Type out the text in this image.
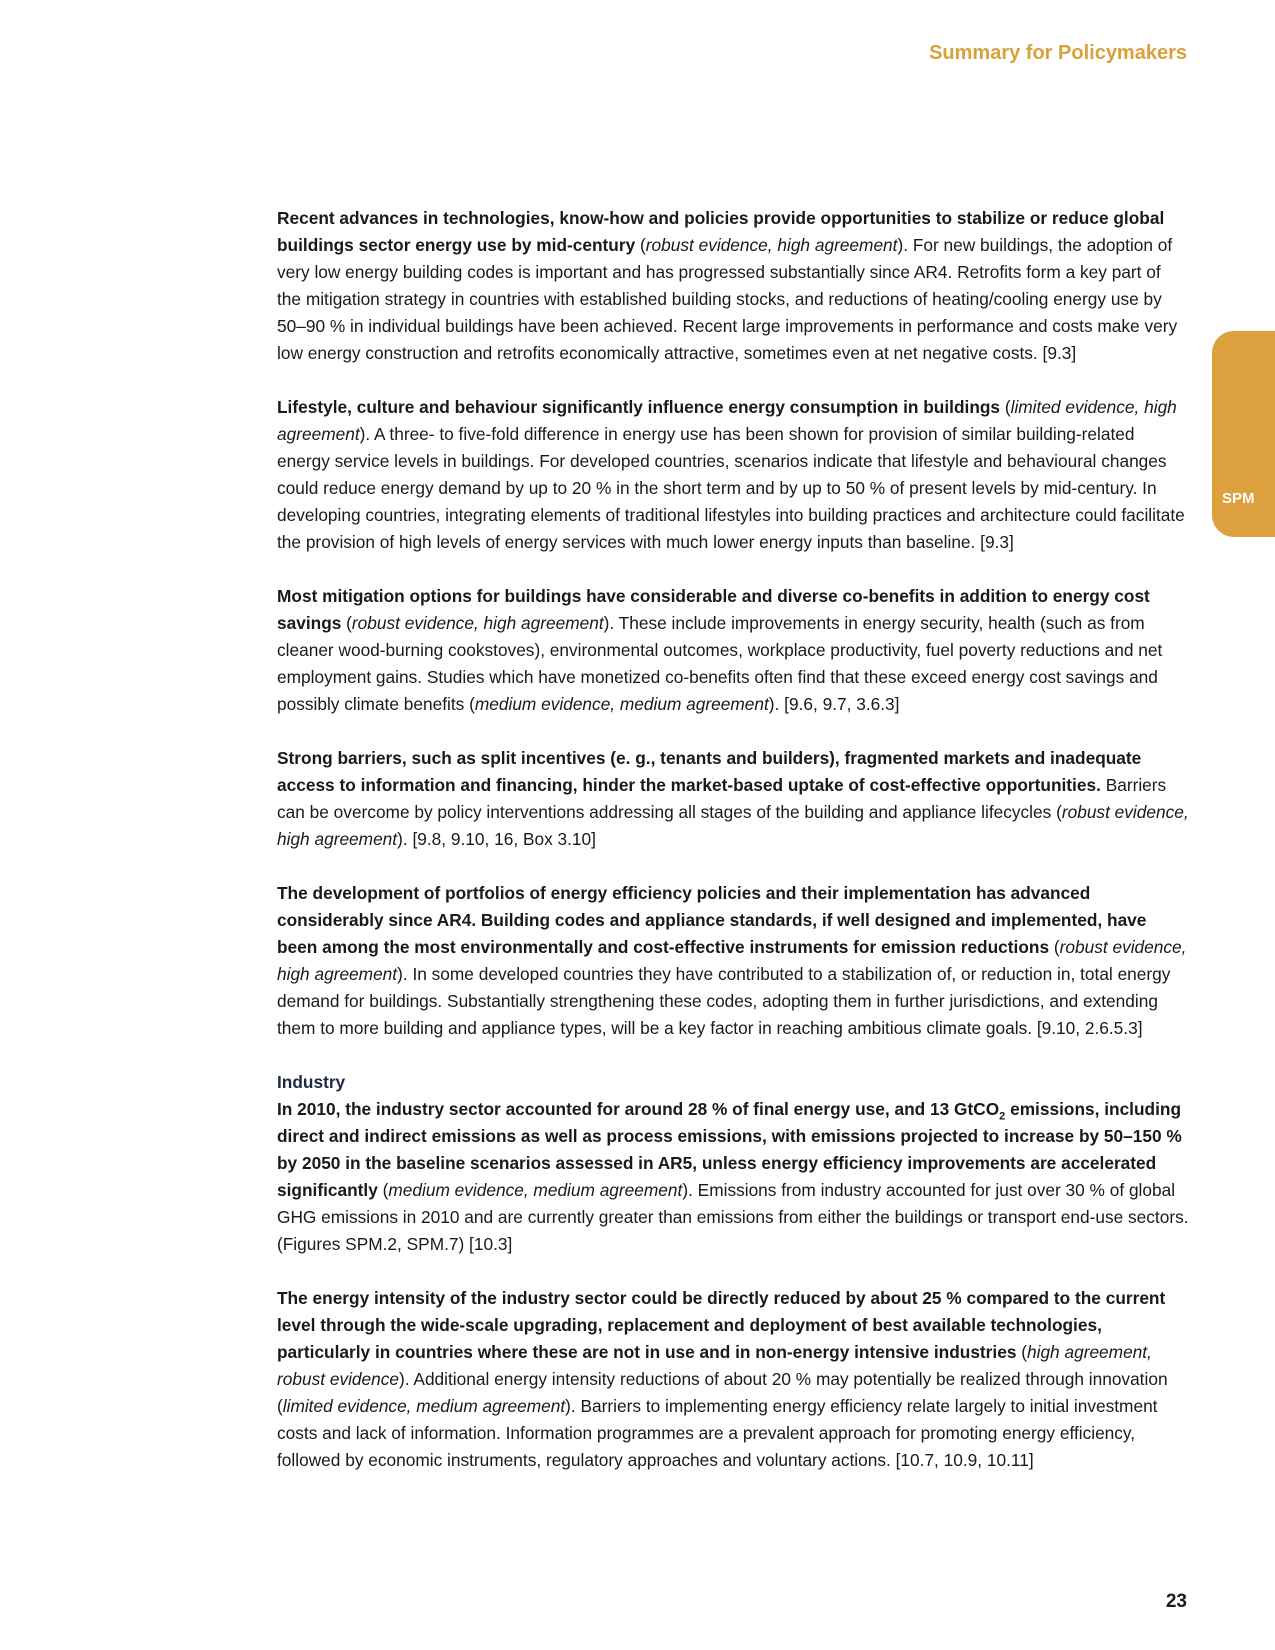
Summary for Policymakers
SPM

Recent advances in technologies, know-how and policies provide opportunities to stabilize or reduce global buildings sector energy use by mid-century (robust evidence, high agreement). For new buildings, the adoption of very low energy building codes is important and has progressed substantially since AR4. Retrofits form a key part of the mitigation strategy in countries with established building stocks, and reductions of heating/cooling energy use by 50–90 % in individual buildings have been achieved. Recent large improvements in performance and costs make very low energy construction and retrofits economically attractive, sometimes even at net negative costs. [9.3]

Lifestyle, culture and behaviour significantly influence energy consumption in buildings (limited evidence, high agreement). A three- to five-fold difference in energy use has been shown for provision of similar building-related energy service levels in buildings. For developed countries, scenarios indicate that lifestyle and behavioural changes could reduce energy demand by up to 20 % in the short term and by up to 50 % of present levels by mid-century. In developing countries, integrating elements of traditional lifestyles into building practices and architecture could facilitate the provision of high levels of energy services with much lower energy inputs than baseline. [9.3]

Most mitigation options for buildings have considerable and diverse co-benefits in addition to energy cost savings (robust evidence, high agreement). These include improvements in energy security, health (such as from cleaner wood-burning cookstoves), environmental outcomes, workplace productivity, fuel poverty reductions and net employment gains. Studies which have monetized co-benefits often find that these exceed energy cost savings and possibly climate benefits (medium evidence, medium agreement). [9.6, 9.7, 3.6.3]

Strong barriers, such as split incentives (e. g., tenants and builders), fragmented markets and inadequate access to information and financing, hinder the market-based uptake of cost-effective opportunities. Barriers can be overcome by policy interventions addressing all stages of the building and appliance lifecycles (robust evidence, high agreement). [9.8, 9.10, 16, Box 3.10]

The development of portfolios of energy efficiency policies and their implementation has advanced considerably since AR4. Building codes and appliance standards, if well designed and implemented, have been among the most environmentally and cost-effective instruments for emission reductions (robust evidence, high agreement). In some developed countries they have contributed to a stabilization of, or reduction in, total energy demand for buildings. Substantially strengthening these codes, adopting them in further jurisdictions, and extending them to more building and appliance types, will be a key factor in reaching ambitious climate goals. [9.10, 2.6.5.3]

Industry

In 2010, the industry sector accounted for around 28 % of final energy use, and 13 GtCO$_2$ emissions, including direct and indirect emissions as well as process emissions, with emissions projected to increase by 50–150 % by 2050 in the baseline scenarios assessed in AR5, unless energy efficiency improvements are accelerated significantly (medium evidence, medium agreement). Emissions from industry accounted for just over 30 % of global GHG emissions in 2010 and are currently greater than emissions from either the buildings or transport end-use sectors. (Figures SPM.2, SPM.7) [10.3]

The energy intensity of the industry sector could be directly reduced by about 25 % compared to the current level through the wide-scale upgrading, replacement and deployment of best available technologies, particularly in countries where these are not in use and in non-energy intensive industries (high agreement, robust evidence). Additional energy intensity reductions of about 20 % may potentially be realized through innovation (limited evidence, medium agreement). Barriers to implementing energy efficiency relate largely to initial investment costs and lack of information. Information programmes are a prevalent approach for promoting energy efficiency, followed by economic instruments, regulatory approaches and voluntary actions. [10.7, 10.9, 10.11]

23
